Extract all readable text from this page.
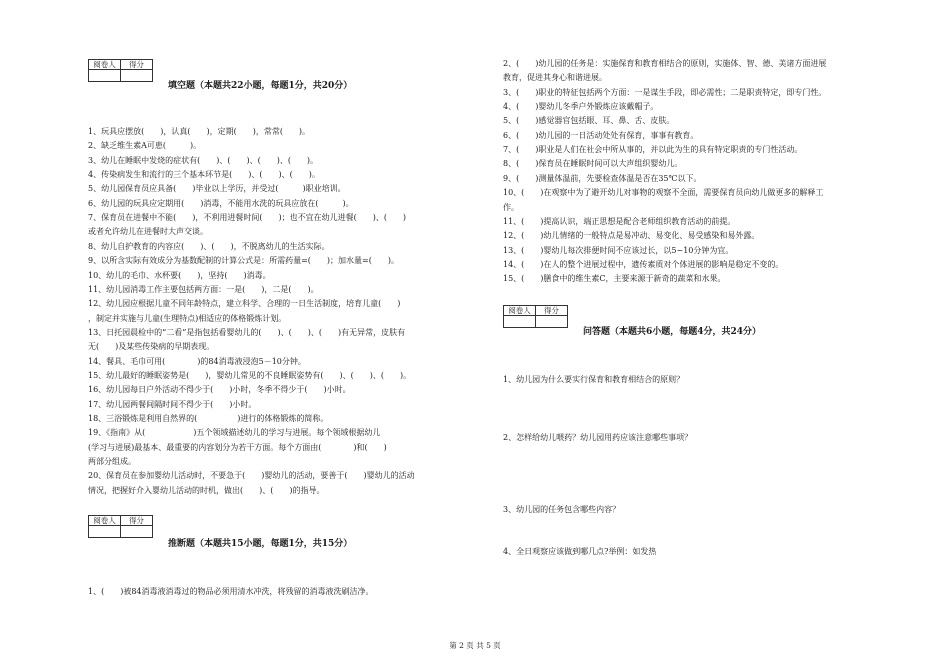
阅卷人	得分

填空题（本题共22小题，每题1分，共20分）
1、玩具应摆放(　　)，认真(　　)，定期(　　)，常常(　　)。
2、缺乏维生素A可患(　　　)。
3、幼儿在睡眠中发烧的症状有(　　)、(　　)、(　　)、(　　)。
4、传染病发生和流行的三个基本环节是(　　)、(　　)、(　　)。
5、幼儿园保育员应具备(　　)毕业以上学历，并受过(　　　)职业培训。
6、幼儿园的玩具应定期用(　　)消毒，不能用水洗的玩具应放在(　　　)。
7、保育员在进餐中不能(　　)，不利用进餐时间(　　)；也不宜在幼儿进餐(　　)、(　　)
或者允许幼儿在进餐时大声交谈。
8、幼儿自护教育的内容应(　　)、(　　)，不脱离幼儿的生活实际。
9、以所含实际有效成分为基数配制的计算公式是：所需药量=(　　)；加水量=(　　)。
10、幼儿的毛巾、水杯要(　　)，坚持(　　)消毒。
11、幼儿园消毒工作主要包括两方面：一是(　　)，二是(　　)。
12、幼儿园应根据儿童不同年龄特点，建立科学、合理的一日生活制度，培育儿童(　　)
，制定并实施与儿童(生理特点)相适应的体格锻炼计划。
13、日托园晨检中的“二看”是指包括看婴幼儿的(　　)、(　　)、(　　)有无异常，皮肤有
无(　　)及某些传染病的早期表现。
14、餐具、毛巾可用(　　　　)的84消毒液浸泡5－10分钟。
15、幼儿最好的睡眠姿势是(　　)，婴幼儿常见的不良睡眠姿势有(　　)、(　　)、(　　)。
16、幼儿园每日户外活动不得少于(　　)小时，冬季不得少于(　　)小时。
17、幼儿园两餐间隔时间不得少于(　　)小时。
18、三浴锻炼是利用自然界的(　　　　　)进行的体格锻炼的简称。
19、《指南》从(　　　　　　)五个领域描述幼儿的学习与进展。每个领域根据幼儿
(学习与进展)最基本、最重要的内容划分为若干方面。每个方面由(　　　　)和(　　)
两部分组成。
20、保育员在参加婴幼儿活动时，不要急于(　　)婴幼儿的活动，要善于(　　)婴幼儿的活动
情况，把握好介入婴幼儿活动的时机，做出(　　)、(　　)的指导。
阅卷人	得分

推断题（本题共15小题，每题1分，共15分）
1、(　　)被84消毒液消毒过的物品必须用清水冲洗，将残留的消毒液洗刷洁净。
2、(　　)幼儿园的任务是：实施保育和教育相结合的原则，实施体、智、德、美诸方面进展
教育，促进其身心和谐进展。
3、(　　)职业的特征包括两个方面：一是谋生手段，即必需性；二是职责特定，即专门性。
4、(　　)婴幼儿冬季户外锻炼应该戴帽子。
5、(　　)感觉器官包括眼、耳、鼻、舌、皮肤。
6、(　　)幼儿园的一日活动处处有保育，事事有教育。
7、(　　)职业是人们在社会中所从事的，并以此为生的具有特定职责的专门性活动。
8、(　　)保育员在睡眠时间可以大声组织婴幼儿。
9、(　　)测量体温前，先要检查体温是否在35℃以下。
10、(　　)在观察中为了避开幼儿对事物的观察不全面，需要保育员向幼儿做更多的解释工
作。
11、(　　)提高认识，端正思想是配合老师组织教育活动的前提。
12、(　　)幼儿情绪的一般特点是易冲动、易变化、易受感染和易外露。
13、(　　)婴幼儿每次排便时间不应该过长，以5~10分钟为宜。
14、(　　)在人的整个进展过程中，遗传素质对个体进展的影响是稳定不变的。
15、(　　)膳食中的维生素C，主要来源于新奇的蔬菜和水果。
阅卷人	得分

问答题（本题共6小题，每题4分，共24分）
1、幼儿园为什么要实行保育和教育相结合的原则？
2、怎样给幼儿喂药？幼儿园用药应该注意哪些事项？
3、幼儿园的任务包含哪些内容？
4、全日观察应该做到哪几点?举例：如发热
第 2 页 共 5 页
